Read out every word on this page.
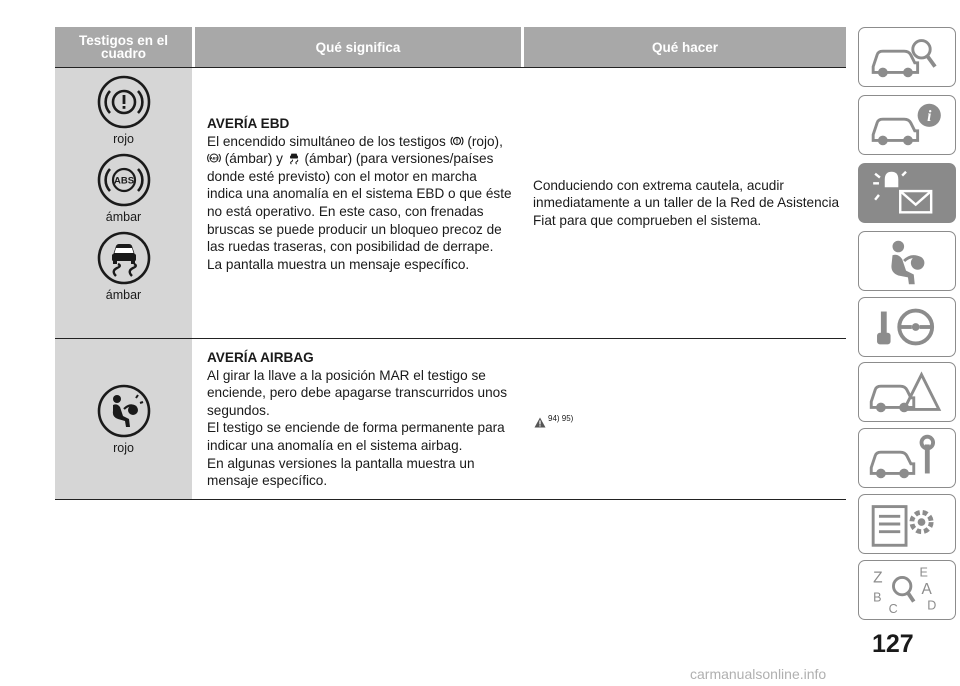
Testigos en el cuadro	Qué significa	Qué hacer
rojo
ABS
ámbar
ámbar
AVERÍA EBD
El encendido simultáneo de los testigos (rojo),
ABS (ámbar) y (ámbar) (para versiones/países donde esté previsto) con el motor en marcha indica una anomalía en el sistema EBD o que éste no está operativo. En este caso, con frenadas bruscas se puede producir un bloqueo precoz de las ruedas traseras, con posibilidad de derrape.
La pantalla muestra un mensaje específico.
Conduciendo con extrema cautela, acudir inmediatamente a un taller de la Red de Asistencia Fiat para que comprueben el sistema.
rojo
AVERÍA AIRBAG
Al girar la llave a la posición MAR el testigo se enciende, pero debe apagarse transcurridos unos segundos.
El testigo se enciende de forma permanente para indicar una anomalía en el sistema airbag.
En algunas versiones la pantalla muestra un mensaje específico.
94) 95)
i
Z
B
C
E
A
D
127
carmanualsonline.info
